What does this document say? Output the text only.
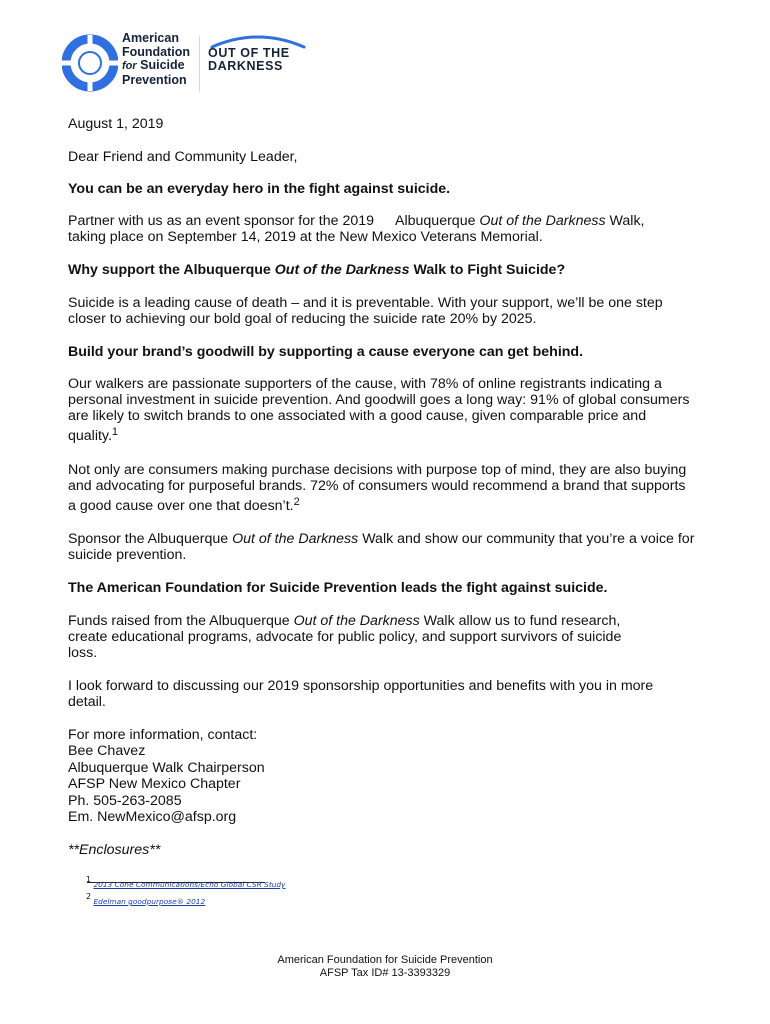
American
Foundation
for Suicide
Prevention
OUT OF THE
DARKNESS
August 1, 2019
Dear Friend and Community Leader,
You can be an everyday hero in the fight against suicide.
Partner with us as an event sponsor for the 2019 Albuquerque Out of the Darkness Walk,
taking place on September 14, 2019 at the New Mexico Veterans Memorial.
Why support the Albuquerque Out of the Darkness Walk to Fight Suicide?
Suicide is a leading cause of death – and it is preventable. With your support, we’ll be one step
closer to achieving our bold goal of reducing the suicide rate 20% by 2025.
Build your brand’s goodwill by supporting a cause everyone can get behind.
Our walkers are passionate supporters of the cause, with 78% of online registrants indicating a
personal investment in suicide prevention. And goodwill goes a long way: 91% of global consumers
are likely to switch brands to one associated with a good cause, given comparable price and
quality.$^1$
Not only are consumers making purchase decisions with purpose top of mind, they are also buying
and advocating for purposeful brands. 72% of consumers would recommend a brand that supports
a good cause over one that doesn’t.$^2$
Sponsor the Albuquerque Out of the Darkness Walk and show our community that you’re a voice for
suicide prevention.
The American Foundation for Suicide Prevention leads the fight against suicide.
Funds raised from the Albuquerque Out of the Darkness Walk allow us to fund research,
create educational programs, advocate for public policy, and support survivors of suicide
loss.
I look forward to discussing our 2019 sponsorship opportunities and benefits with you in more
detail.
For more information, contact:
Bee Chavez
Albuquerque Walk Chairperson
AFSP New Mexico Chapter
Ph. 505-263-2085
Em. NewMexico@afsp.org
**Enclosures**
$^1$ 2013 Cone Communications/Echo Global CSR Study
$^2$ Edelman goodpurpose® 2012
American Foundation for Suicide Prevention
AFSP Tax ID# 13-3393329
